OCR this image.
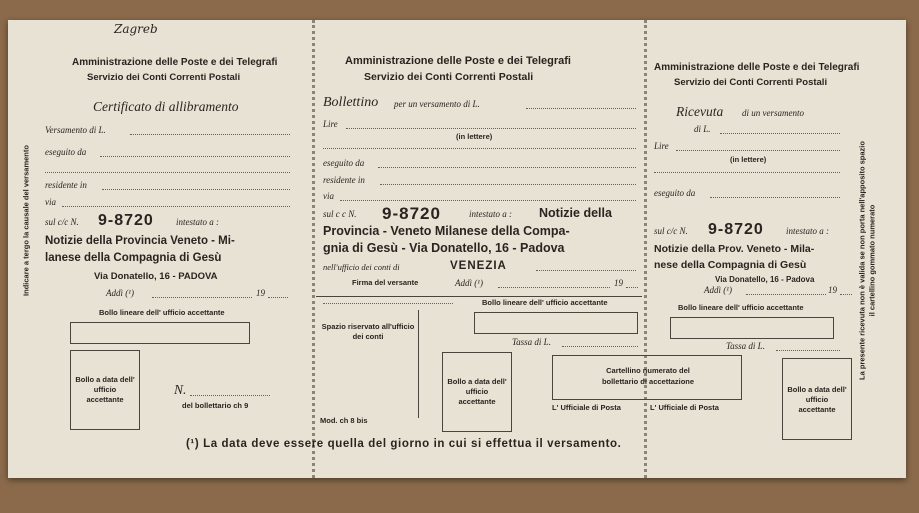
Zagreb
Indicare a tergo la causale del versamento
Amministrazione delle Poste e dei Telegrafi
Servizio dei Conti Correnti Postali
Certificato di allibramento
Versamento di L.
eseguito da
residente in
via
sul c/c N. 9-8720 intestato a :
Notizie della Provincia Veneto - Mi-
lanese della Compagnia di Gesù
Via Donatello, 16 - PADOVA
Addì (¹)	19
Bollo lineare dell' ufficio accettante
Bollo a data dell' ufficio accettante
N.
del bollettario ch 9
Amministrazione delle Poste e dei Telegrafi
Servizio dei Conti Correnti Postali
Bollettino per un versamento di L.
Lire
(in lettere)
eseguito da
residente in
via
sul c c N. 9-8720	intestato a : Notizie della
Provincia - Veneto Milanese della Compa-
gnia di Gesù - Via Donatello, 16 - Padova
nell'ufficio dei conti di	VENEZIA
Firma del versante	Addì (¹)	19
Bollo lineare dell' ufficio accettante
Spazio riservato all'ufficio dei conti
Tassa di L.
Bollo a data dell' ufficio accettante
Cartellino numerato del bollettario di accettazione
L' Ufficiale di Posta	L' Ufficiale di Posta
Mod. ch 8 bis
Amministrazione delle Poste e dei Telegrafi
Servizio dei Conti Correnti Postali
Ricevuta di un versamento
di L.
Lire
(in lettere)
eseguito da
sul c/c N. 9-8720 intestato a :
Notizie della Prov. Veneto - Mila-
nese della Compagnia di Gesù
Via Donatello, 16 - Padova
Addì (¹)	19
Bollo lineare dell' ufficio accettante
Tassa di L.
Bollo a data dell' ufficio accettante
La presente ricevuta non è valida se non porta nell'apposito spazio il cartellino gommato numerato
(¹) La data deve essere quella del giorno in cui si effettua il versamento.
